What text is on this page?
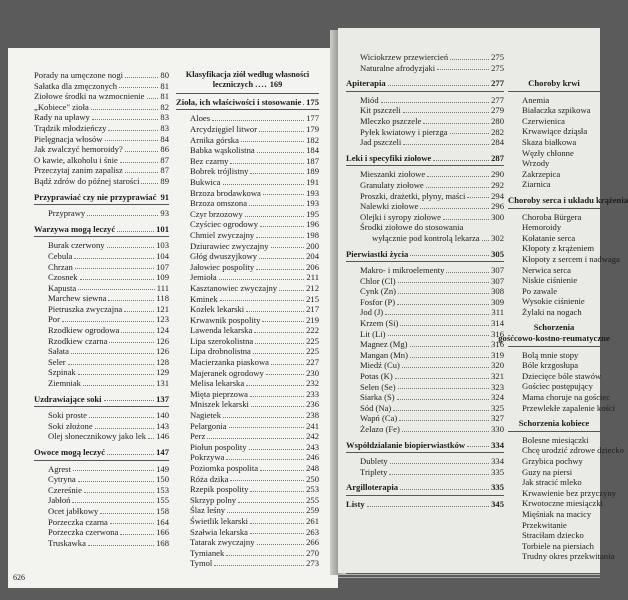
Porady na umęczone nogi	80
Sałatka dla zmęczonych	81
Ziołowe środki na wzmocnienie 81
„Kobiece" zioła	82
Rady na upławy	83
Trądzik młodzieńczy	83
Pielęgnacja włosów	84
Jak zwalczyć hemoroidy?	86
O kawie, alkoholu i śnie	87
Przeczytaj zanim zapalisz	87
Bądź zdrów do późnej starości 89
Przyprawiać czy nie przyprawiać 91
Przyprawy	93
Warzywa mogą leczyć	101
Burak czerwony	103
Cebula	104
Chrzan	107
Czosnek	109
Kapusta	111
Marchew siewna	118
Pietruszka zwyczajna	121
Por	123
Rzodkiew ogrodowa	124
Rzodkiew czarna	126
Sałata	126
Seler	128
Szpinak	129
Ziemniak	131
Uzdrawiające soki	137
Soki proste	140
Soki złożone	143
Olej słonecznikowy jako lek 146
Owoce mogą leczyć	147
Agrest	149
Cytryna	150
Czereśnie	153
Jabłoń	155
Ocet jabłkowy	158
Porzeczka czarna	164
Porzeczka czerwona	166
Truskawka	168
Klasyfikacja ziół według własności leczniczych .... 169
Zioła, ich właściwości i stosowanie 175
Aloes	177
Arcydzięgiel litwor	179
Arnika górska	182
Babka wąskolistna	184
Bez czarny	187
Bobrek trójlistny	189
Bukwica	191
Brzoza brodawkowa	193
Brzoza omszona	193
Czyr brzozowy	195
Czyściec ogrodowy	196
Chmiel zwyczajny	198
Dziurawiec zwyczajny	200
Głóg dwuszyjkowy	204
Jałowiec pospolity	206
Jemioła	211
Kasztanowiec zwyczajny	212
Kminek	215
Kozłek lekarski	217
Krwawnik pospolity	219
Lawenda lekarska	222
Lipa szerokolistna	225
Lipa drobnolistna	225
Macierzanka piaskowa	227
Majeranek ogrodowy	230
Melisa lekarska	232
Mięta pieprzowa	233
Mniszek lekarski	236
Nagietek	238
Pelargonia	241
Perz	242
Piołun pospolity	243
Pokrzywa	246
Poziomka pospolita	248
Róża dzika	250
Rzepik pospolity	253
Skrzyp polny	255
Ślaz leśny	259
Świetlik lekarski	261
Szałwia lekarska	263
Tatarak zwyczajny	266
Tymianek	270
Tymol	273
626
Wiciokrzew przewiercień	275
Naturalne afrodyzjaki	275
Apiterapia	277
Miód	277
Kit pszczeli	279
Mleczko pszczele	280
Pyłek kwiatowy i pierzga	282
Jad pszczeli	284
Leki i specyfiki ziołowe	287
Mieszanki ziołowe	290
Granulaty ziołowe	292
Proszki, drażetki, płyny, maści	294
Nalewki ziołowe	296
Olejki i syropy ziołowe	300
Środki ziołowe do stosowania
wyłącznie pod kontrolą lekarza 302
Pierwiastki życia	305
Makro- i mikroelementy	307
Chlor (Cl)	307
Cynk (Zn)	308
Fosfor (P)	309
Jod (J)	311
Krzem (Si)	314
Lit (Li)	316
Magnez (Mg)	316
Mangan (Mn)	319
Miedź (Cu)	320
Potas (K)	321
Selen (Se)	323
Siarka (S)	324
Sód (Na)	325
Wapń (Ca)	327
Żelazo (Fe)	330
Współdziałanie biopierwiastków	334
Dublety	334
Triplety	335
Argilloterapia	335
Listy	345
Choroby krwi
Anemia
Białaczka szpikowa
Czerwienica
Krwawiące dziąsła
Skaza białkowa
Węzły chłonne
Wrzody
Zakrzepica
Ziarnica
Choroby serca i układu krążenia
Choroba Bürgera
Hemoroidy
Kołatanie serca
Kłopoty z krążeniem
Kłopoty z sercem i nadwaga
Nerwica serca
Niskie ciśnienie
Po zawale
Wysokie ciśnienie
Żylaki na nogach
Schorzenia
gośćcowo-kostno-reumatyczne
Bolą mnie stopy
Bóle krzgosłupa
Dziecięce bóle stawów
Gościec postępujący
Mama choruje na gościec
Przewlekłe zapalenie kości
Schorzenia kobiece
Bolesne miesiączki
Chcę urodzić zdrowe dziecko
Grzybica pochwy
Guzy na piersi
Jak stracić mleko
Krwawienie bez przyczyny
Krwotoczne miesiączki
Mięśniak na macicy
Przekwitanie
Straciłam dziecko
Torbiele na piersiach
Trudny okres przekwitania
